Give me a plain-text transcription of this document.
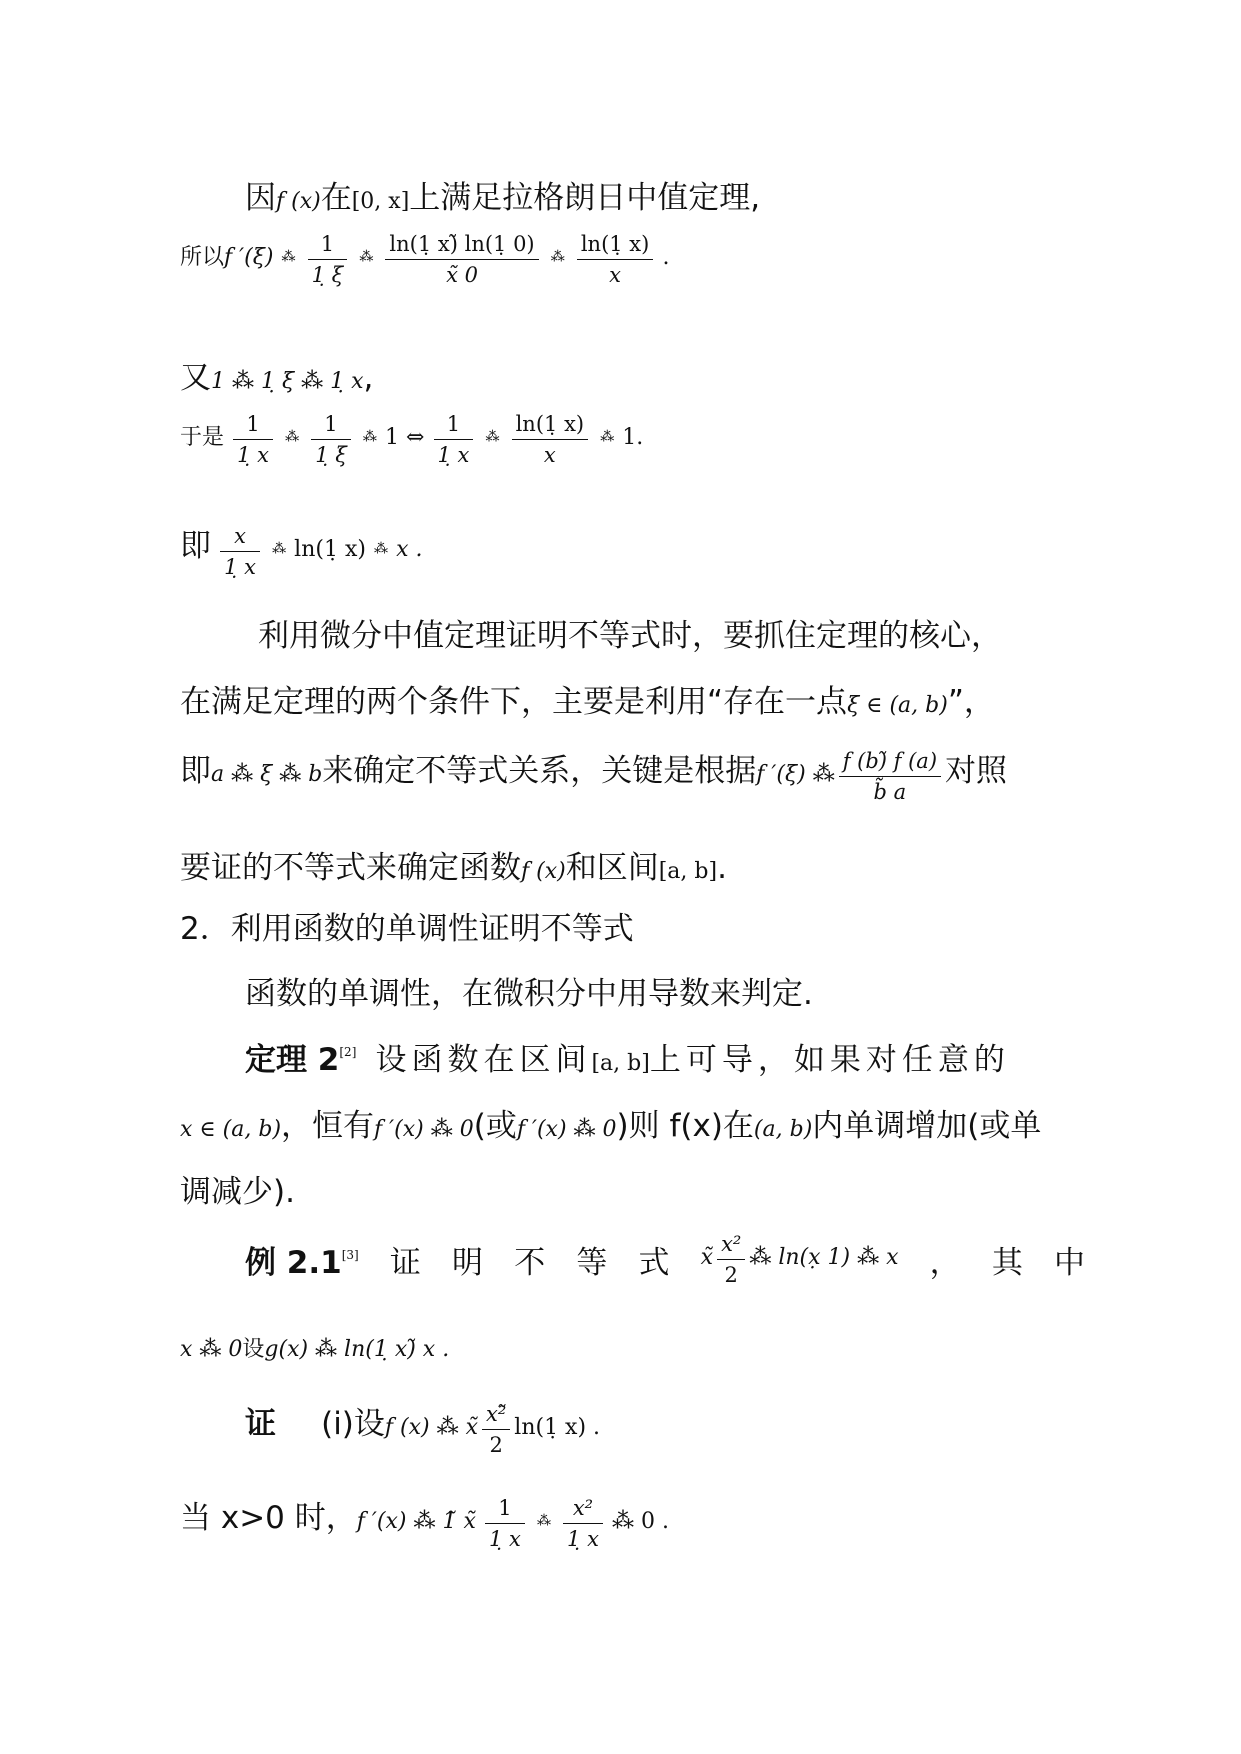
因f (x)在[0, x]上满足拉格朗日中值定理,
所以f ′(ξ) ⁂ $\frac{1}{1̣ \xi}$ ⁂ $\frac{\ln(1̣ x)̃ \ln(1̣ 0)}{x̃ 0}$ ⁂ $\frac{\ln(1̣ x)}{x}$ .
又1 ⁂ 1̣ ξ ⁂ 1̣ x,
于是 $\frac{1}{1̣ x}$ ⁂ $\frac{1}{1̣ \xi}$ ⁂ 1 ⇔ $\frac{1}{1̣ x}$ ⁂ $\frac{\ln(1̣ x)}{x}$ ⁂ 1.
即 $\frac{x}{1̣ x}$ ⁂ ln(1̣ x) ⁂ x .
利用微分中值定理证明不等式时，要抓住定理的核心，
在满足定理的两个条件下，主要是利用“存在一点ξ ∈ (a, b)”，
即a ⁂ ξ ⁂ b来确定不等式关系，关键是根据f ′(ξ) ⁂ $\frac{f (b)̃ f (a)}{b̃ a}$ 对照
要证的不等式来确定函数f (x)和区间[a, b].
2．利用函数的单调性证明不等式
函数的单调性，在微积分中用导数来判定.
定理 2[2] 设函数在区间[a, b]上可导，如果对任意的
x ∈ (a, b)，恒有f ′(x) ⁂ 0(或f ′(x) ⁂ 0)则 f(x)在(a, b)内单调增加(或单
调减少).
例 2.1[3] 证 明 不 等 式 x̃ $\frac{\text{x²}}{2}$ ⁂ ln(x̣ 1) ⁂ x ， 其 中
x ⁂ 0设g(x) ⁂ ln(1̣ x)̃ x .
证 (i)设f (x) ⁂ x̃ $\frac{\text{x²̃}}{2}$ ln(1̣ x) .
当 x>0 时，f ′(x) ⁂ 1̃ x̃ $\frac{1}{1̣ x}$ ⁂ $\frac{\text{x²}}{1̣ x}$ ⁂ 0 .
